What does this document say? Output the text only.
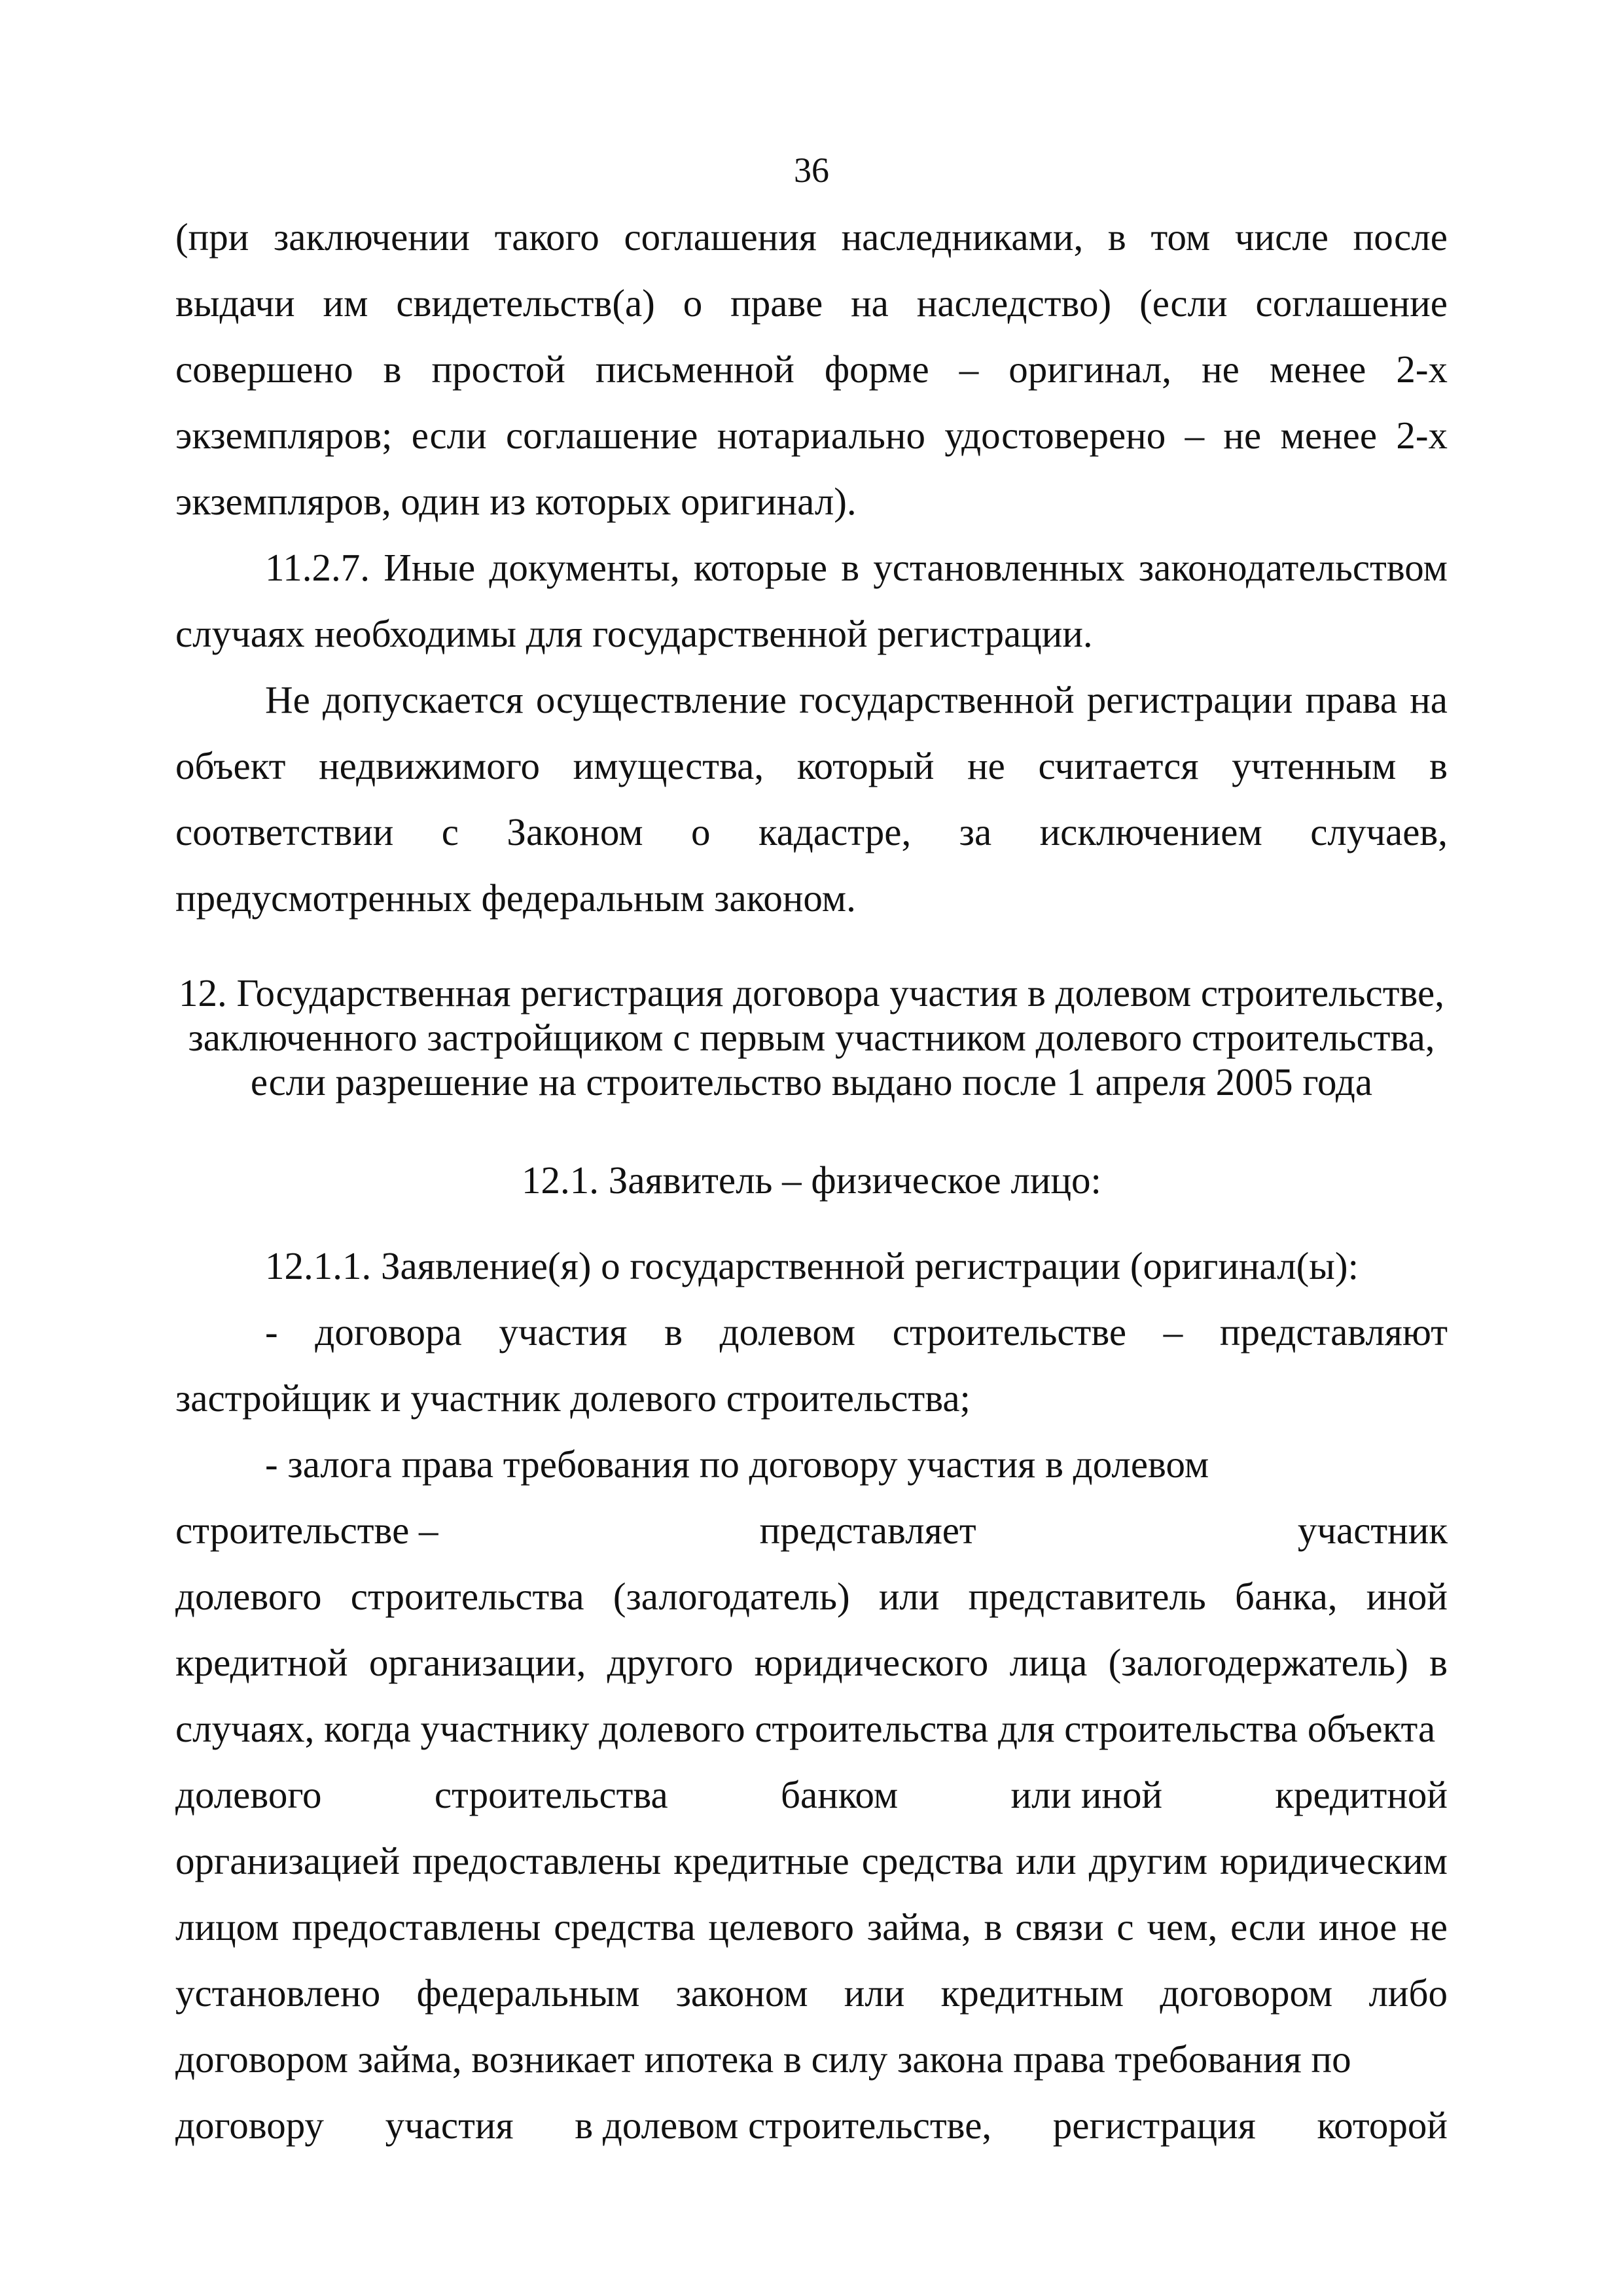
36

(при заключении такого соглашения наследниками, в том числе после выдачи им свидетельств(а) о праве на наследство) (если соглашение совершено в простой письменной форме – оригинал, не менее 2-х экземпляров; если соглашение нотариально удостоверено – не менее 2-х экземпляров, один из которых оригинал).

11.2.7. Иные документы, которые в установленных законодательством случаях необходимы для государственной регистрации.

Не допускается осуществление государственной регистрации права на объект недвижимого имущества, который не считается учтенным в соответствии с Законом о кадастре, за исключением случаев, предусмотренных федеральным законом.

12. Государственная регистрация договора участия в долевом строительстве,
заключенного застройщиком с первым участником долевого строительства,
если разрешение на строительство выдано после 1 апреля 2005 года

12.1. Заявитель – физическое лицо:

12.1.1. Заявление(я) о государственной регистрации (оригинал(ы):

- договора участия в долевом строительстве – представляют застройщик и участник долевого строительства;

- залога права требования по договору участия в долевом

строительстве –	представляет	участник

долевого строительства (залогодатель) или представитель банка, иной кредитной организации, другого юридического лица (залогодержатель) в случаях, когда участнику долевого строительства для строительства объекта

долевого	строительства	банком	или иной	кредитной

организацией предоставлены кредитные средства или другим юридическим лицом предоставлены средства целевого займа, в связи с чем, если иное не установлено федеральным законом или кредитным договором либо договором займа, возникает ипотека в силу закона права требования по

договору участия в долевом строительстве, регистрация которой
